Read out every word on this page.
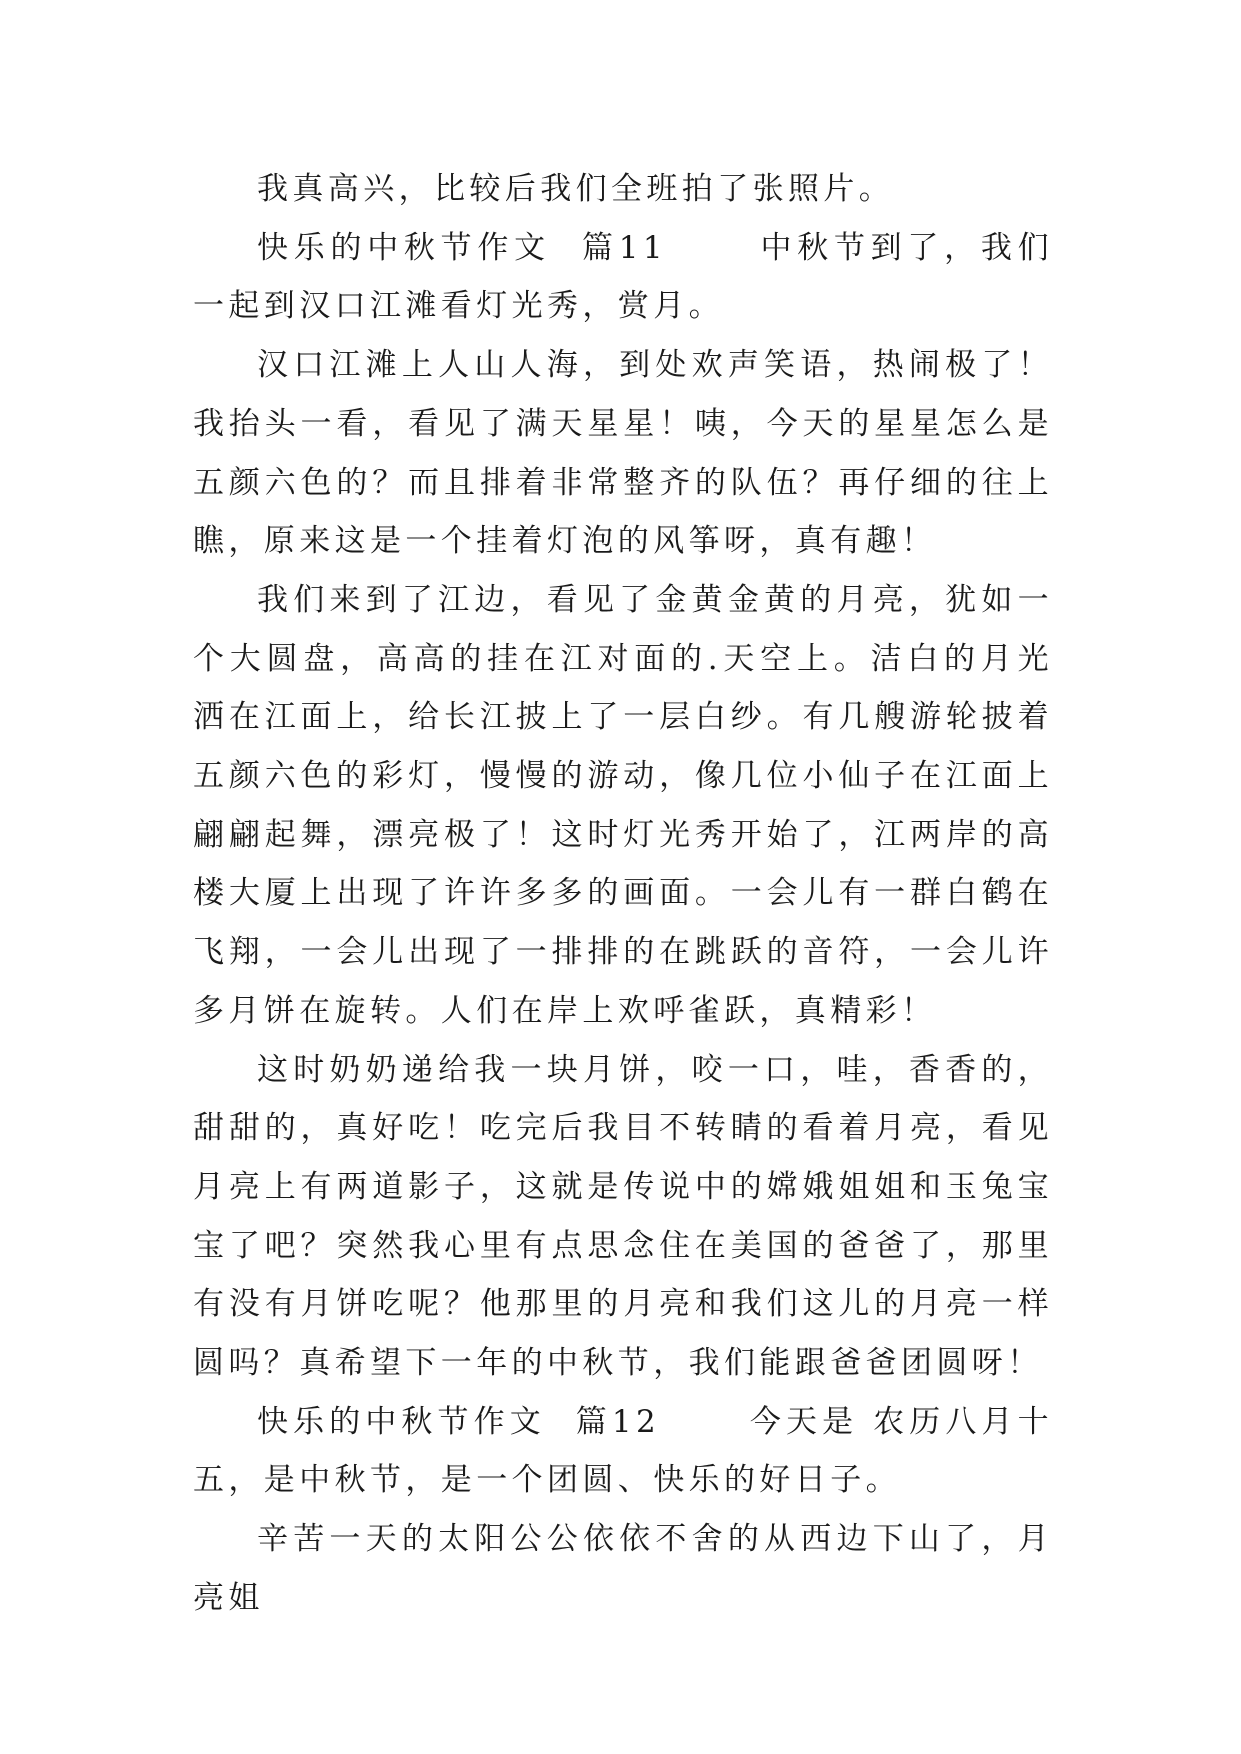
我真高兴，比较后我们全班拍了张照片。

快乐的中秋节作文  篇11      中秋节到了，我们一起到汉口江滩看灯光秀，赏月。

汉口江滩上人山人海，到处欢声笑语，热闹极了！我抬头一看，看见了满天星星！咦，今天的星星怎么是五颜六色的？而且排着非常整齐的队伍？再仔细的往上瞧，原来这是一个挂着灯泡的风筝呀，真有趣！

我们来到了江边，看见了金黄金黄的月亮，犹如一个大圆盘，高高的挂在江对面的.天空上。洁白的月光洒在江面上，给长江披上了一层白纱。有几艘游轮披着五颜六色的彩灯，慢慢的游动，像几位小仙子在江面上翩翩起舞，漂亮极了！这时灯光秀开始了，江两岸的高楼大厦上出现了许许多多的画面。一会儿有一群白鹤在飞翔，一会儿出现了一排排的在跳跃的音符，一会儿许多月饼在旋转。人们在岸上欢呼雀跃，真精彩！

这时奶奶递给我一块月饼，咬一口，哇，香香的，甜甜的，真好吃！吃完后我目不转睛的看着月亮，看见月亮上有两道影子，这就是传说中的嫦娥姐姐和玉兔宝宝了吧？突然我心里有点思念住在美国的爸爸了，那里有没有月饼吃呢？他那里的月亮和我们这儿的月亮一样圆吗？真希望下一年的中秋节，我们能跟爸爸团圆呀！

快乐的中秋节作文  篇12      今天是 农历八月十五，是中秋节，是一个团圆、快乐的好日子。

辛苦一天的太阳公公依依不舍的从西边下山了，月亮姐
